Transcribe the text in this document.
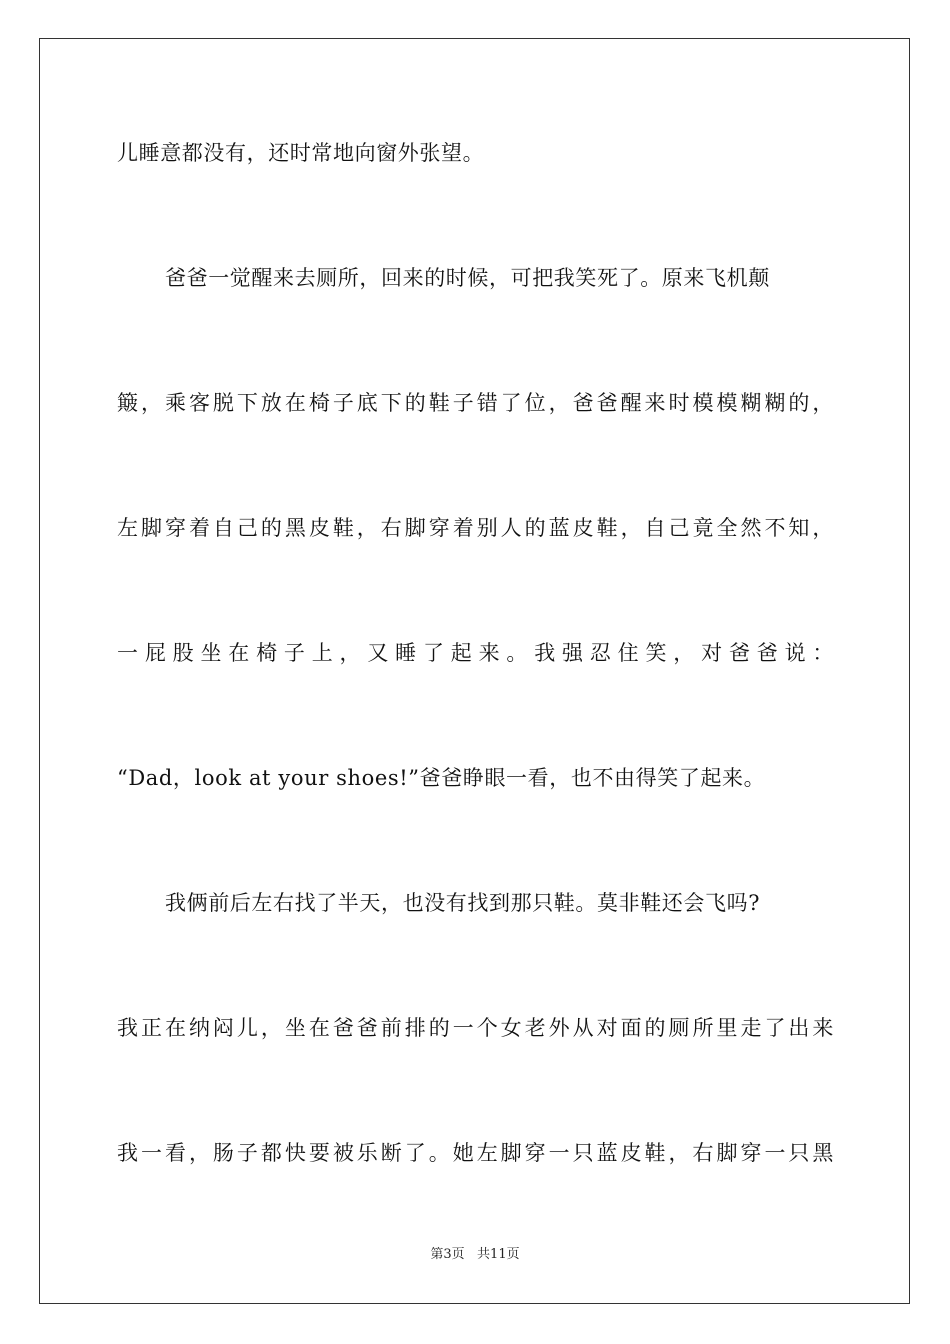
儿睡意都没有，还时常地向窗外张望。
爸爸一觉醒来去厕所，回来的时候，可把我笑死了。原来飞机颠
簸，乘客脱下放在椅子底下的鞋子错了位，爸爸醒来时模模糊糊的，
左脚穿着自己的黑皮鞋，右脚穿着别人的蓝皮鞋，自己竟全然不知，
一屁股坐在椅子上，又睡了起来。我强忍住笑，对爸爸说：
“Dad，look at your shoes!”爸爸睁眼一看，也不由得笑了起来。
我俩前后左右找了半天，也没有找到那只鞋。莫非鞋还会飞吗?
我正在纳闷儿，坐在爸爸前排的一个女老外从对面的厕所里走了出来
我一看，肠子都快要被乐断了。她左脚穿一只蓝皮鞋，右脚穿一只黑
第3页   共11页
